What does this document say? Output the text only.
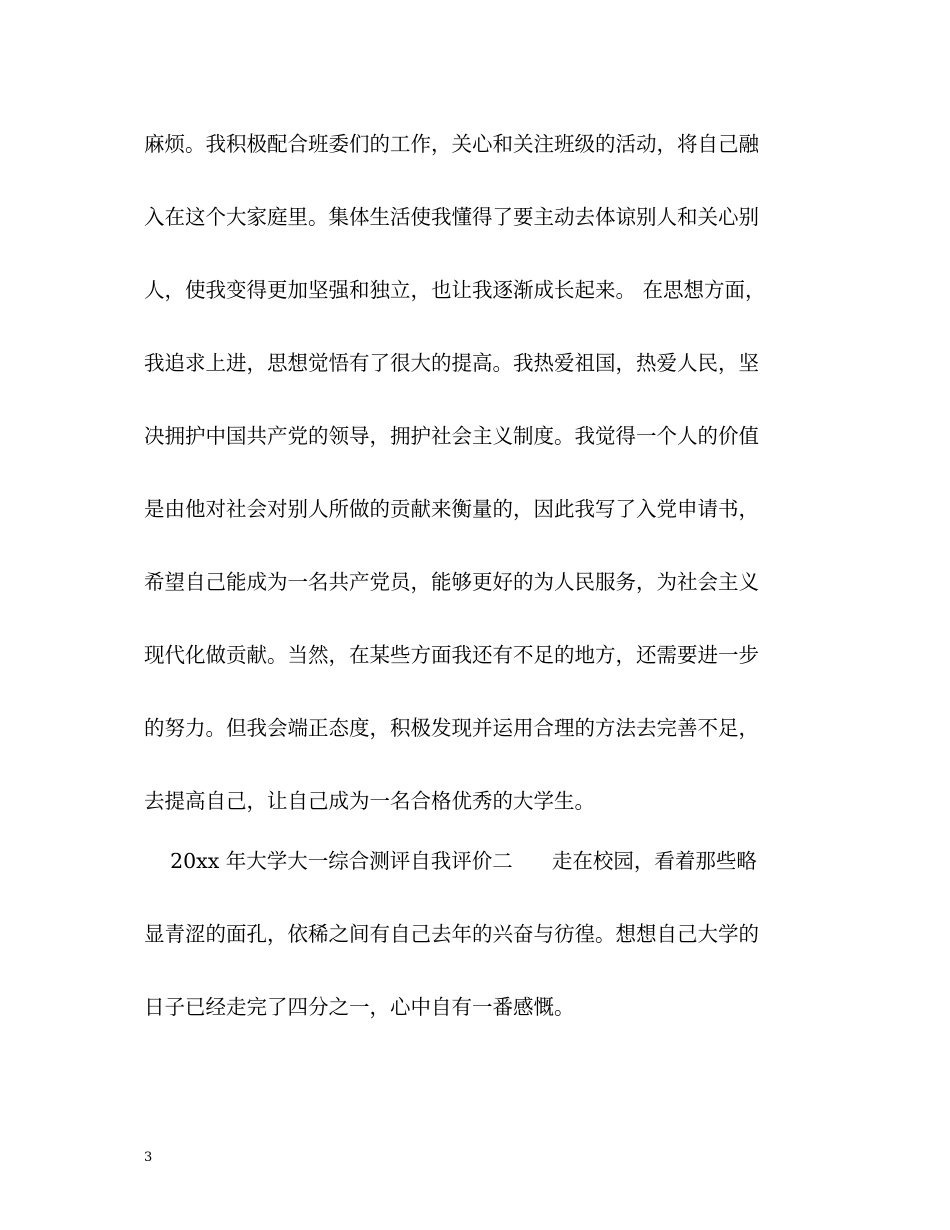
麻烦。我积极配合班委们的工作，关心和关注班级的活动，将自己融
入在这个大家庭里。集体生活使我懂得了要主动去体谅别人和关心别
人，使我变得更加坚强和独立，也让我逐渐成长起来。 在思想方面，
我追求上进，思想觉悟有了很大的提高。我热爱祖国，热爱人民，坚
决拥护中国共产党的领导，拥护社会主义制度。我觉得一个人的价值
是由他对社会对别人所做的贡献来衡量的，因此我写了入党申请书，
希望自己能成为一名共产党员，能够更好的为人民服务，为社会主义
现代化做贡献。当然，在某些方面我还有不足的地方，还需要进一步
的努力。但我会端正态度，积极发现并运用合理的方法去完善不足，
去提高自己，让自己成为一名合格优秀的大学生。
20xx 年大学大一综合测评自我评价二      走在校园，看着那些略
显青涩的面孔，依稀之间有自己去年的兴奋与彷徨。想想自己大学的
日子已经走完了四分之一，心中自有一番感慨。
3
